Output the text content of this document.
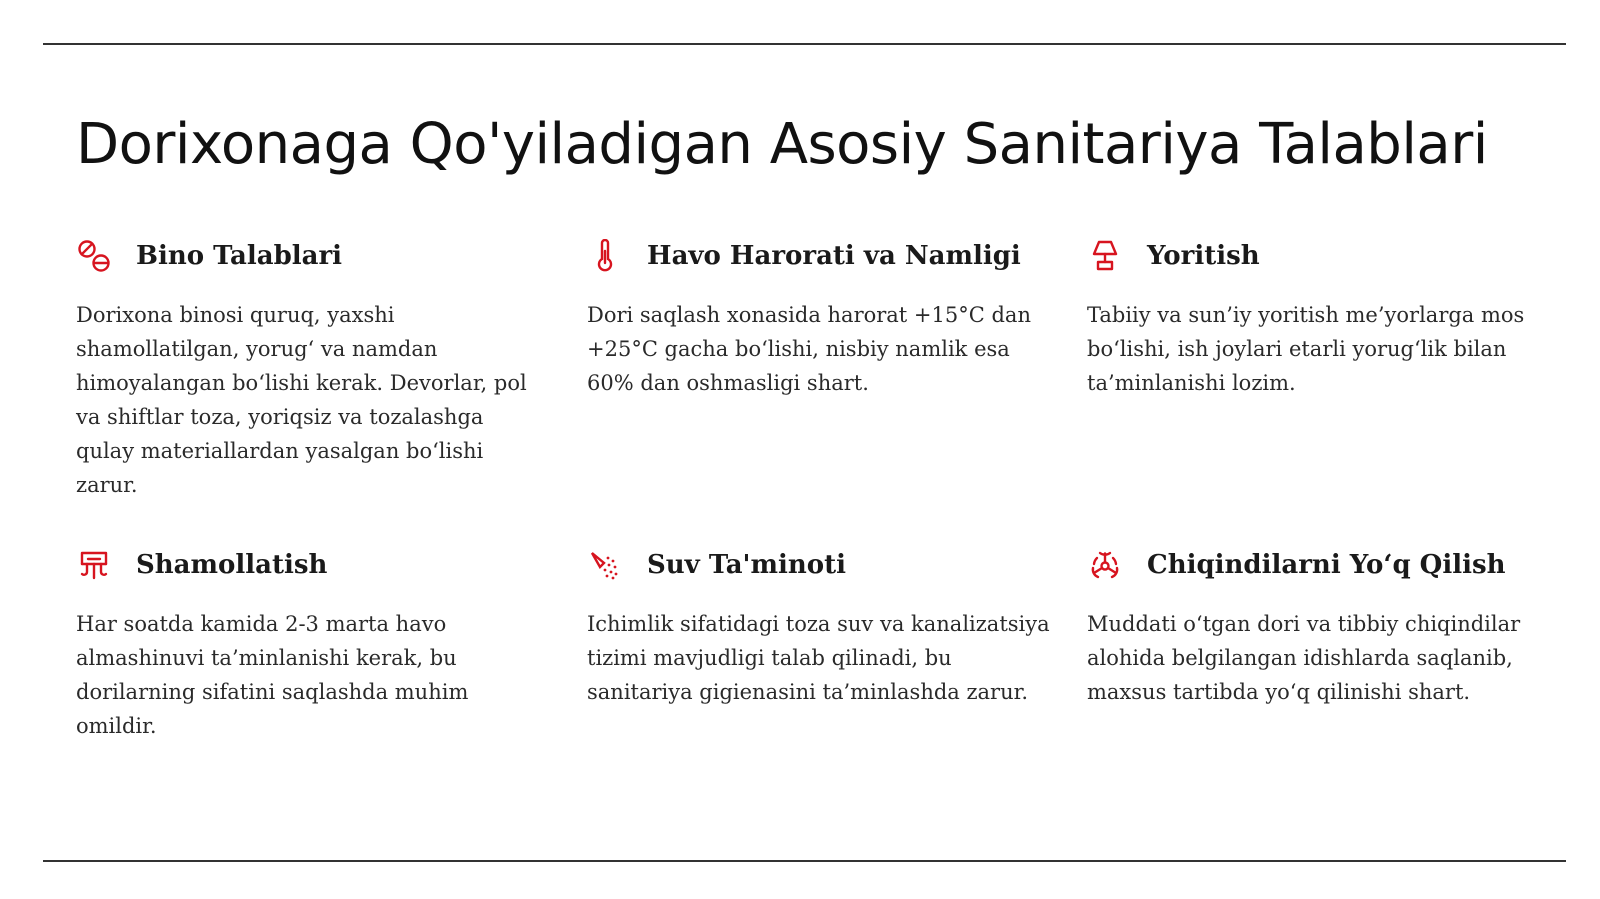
Dorixonaga Qo'yiladigan Asosiy Sanitariya Talablari
Bino Talablari

Dorixona binosi quruq, yaxshi shamollatilgan, yorug‘ va namdan himoyalangan bo‘lishi kerak. Devorlar, pol va shiftlar toza, yoriqsiz va tozalashga qulay materiallardan yasalgan bo‘lishi zarur.

Havo Harorati va Namligi

Dori saqlash xonasida harorat +15°C dan +25°C gacha bo‘lishi, nisbiy namlik esa 60% dan oshmasligi shart.

Yoritish

Tabiiy va sun’iy yoritish me’yorlarga mos bo‘lishi, ish joylari etarli yorug‘lik bilan ta’minlanishi lozim.

Shamollatish

Har soatda kamida 2-3 marta havo almashinuvi ta’minlanishi kerak, bu dorilarning sifatini saqlashda muhim omildir.

Suv Ta'minoti

Ichimlik sifatidagi toza suv va kanalizatsiya tizimi mavjudligi talab qilinadi, bu sanitariya gigienasini ta’minlashda zarur.

Chiqindilarni Yo‘q Qilish

Muddati o‘tgan dori va tibbiy chiqindilar alohida belgilangan idishlarda saqlanib, maxsus tartibda yo‘q qilinishi shart.
